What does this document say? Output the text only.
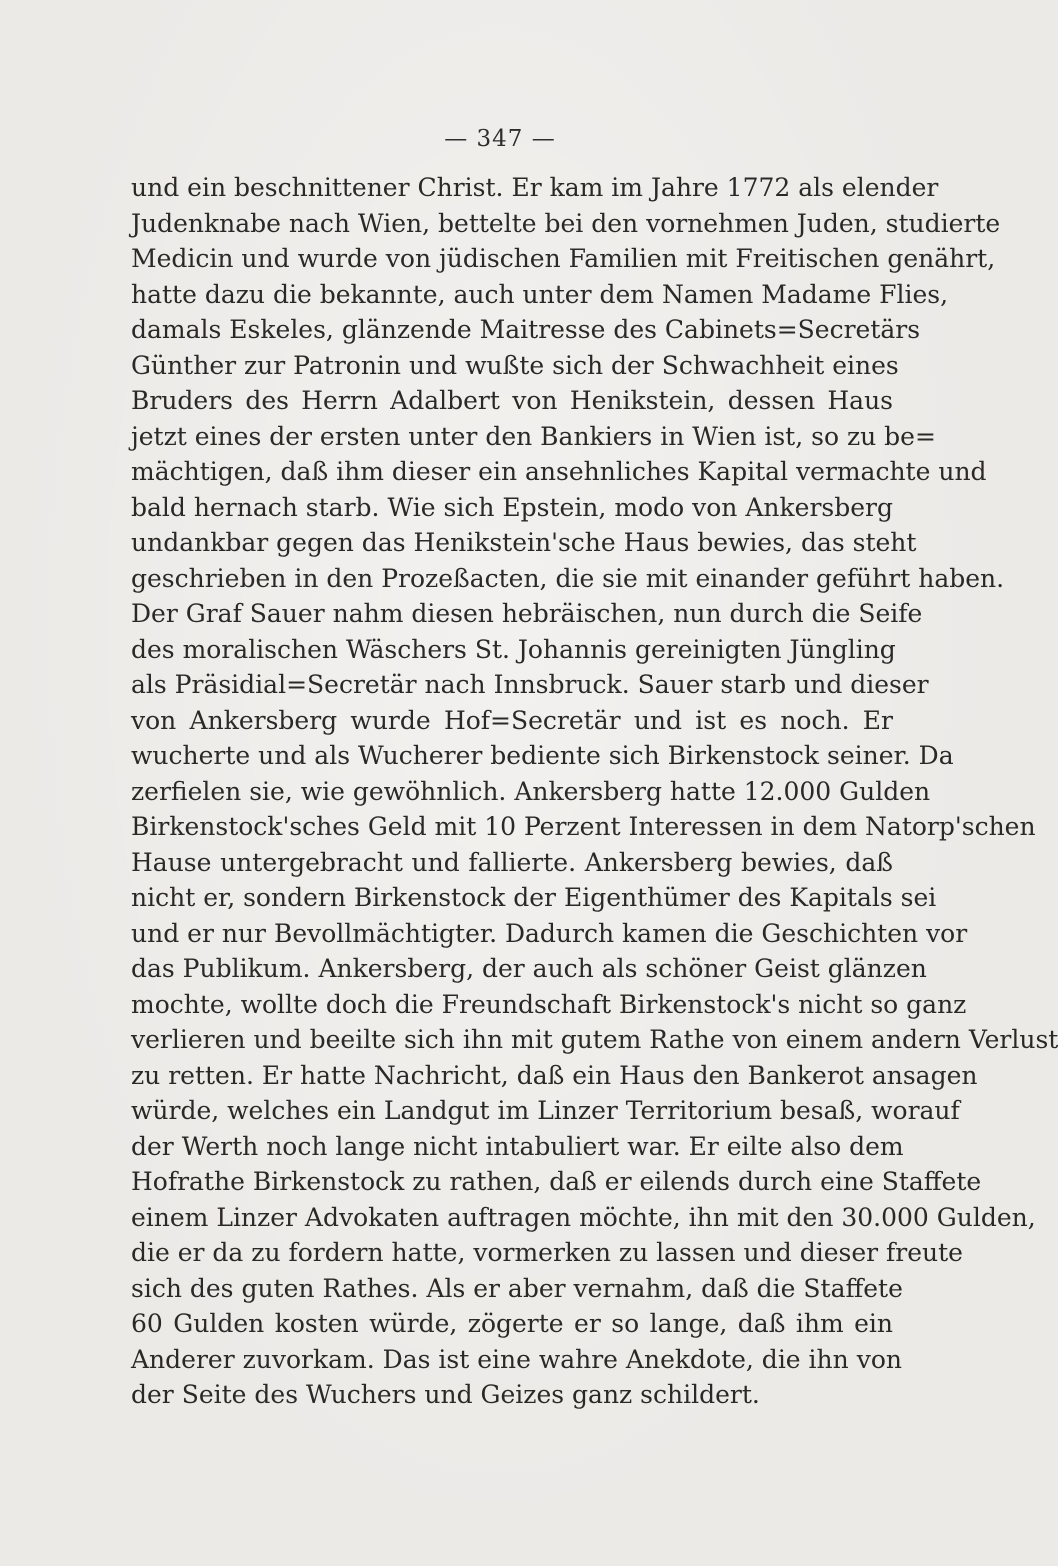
— 347 —
und ein beschnittener Christ. Er kam im Jahre 1772 als elender
Judenknabe nach Wien, bettelte bei den vornehmen Juden, studierte
Medicin und wurde von jüdischen Familien mit Freitischen genährt,
hatte dazu die bekannte, auch unter dem Namen Madame Flies,
damals Eskeles, glänzende Maitresse des Cabinets=Secretärs
Günther zur Patronin und wußte sich der Schwachheit eines
Bruders des Herrn Adalbert von Henikstein, dessen Haus
jetzt eines der ersten unter den Bankiers in Wien ist, so zu be=
mächtigen, daß ihm dieser ein ansehnliches Kapital vermachte und
bald hernach starb. Wie sich Epstein, modo von Ankersberg
undankbar gegen das Henikstein'sche Haus bewies, das steht
geschrieben in den Prozeßacten, die sie mit einander geführt haben.
Der Graf Sauer nahm diesen hebräischen, nun durch die Seife
des moralischen Wäschers St. Johannis gereinigten Jüngling
als Präsidial=Secretär nach Innsbruck. Sauer starb und dieser
von Ankersberg wurde Hof=Secretär und ist es noch. Er
wucherte und als Wucherer bediente sich Birkenstock seiner. Da
zerfielen sie, wie gewöhnlich. Ankersberg hatte 12.000 Gulden
Birkenstock'sches Geld mit 10 Perzent Interessen in dem Natorp'schen
Hause untergebracht und fallierte. Ankersberg bewies, daß
nicht er, sondern Birkenstock der Eigenthümer des Kapitals sei
und er nur Bevollmächtigter. Dadurch kamen die Geschichten vor
das Publikum. Ankersberg, der auch als schöner Geist glänzen
mochte, wollte doch die Freundschaft Birkenstock's nicht so ganz
verlieren und beeilte sich ihn mit gutem Rathe von einem andern Verlust
zu retten. Er hatte Nachricht, daß ein Haus den Bankerot ansagen
würde, welches ein Landgut im Linzer Territorium besaß, worauf
der Werth noch lange nicht intabuliert war. Er eilte also dem
Hofrathe Birkenstock zu rathen, daß er eilends durch eine Staffete
einem Linzer Advokaten auftragen möchte, ihn mit den 30.000 Gulden,
die er da zu fordern hatte, vormerken zu lassen und dieser freute
sich des guten Rathes. Als er aber vernahm, daß die Staffete
60 Gulden kosten würde, zögerte er so lange, daß ihm ein
Anderer zuvorkam. Das ist eine wahre Anekdote, die ihn von
der Seite des Wuchers und Geizes ganz schildert.
